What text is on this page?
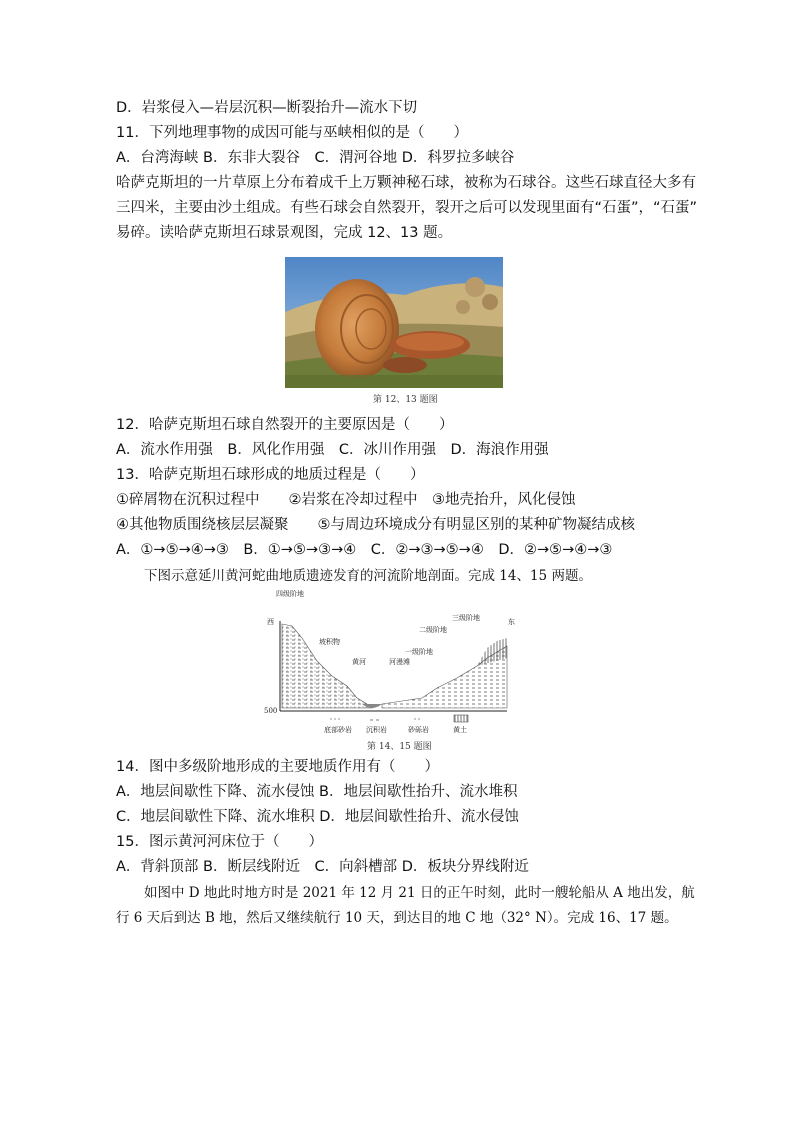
D．岩浆侵入—岩层沉积—断裂抬升—流水下切
11．下列地理事物的成因可能与巫峡相似的是（　　）
A．台湾海峡 B．东非大裂谷　C．渭河谷地 D．科罗拉多峡谷
哈萨克斯坦的一片草原上分布着成千上万颗神秘石球，被称为石球谷。这些石球直径大多有
三四米，主要由沙土组成。有些石球会自然裂开，裂开之后可以发现里面有“石蛋”，“石蛋”
易碎。读哈萨克斯坦石球景观图，完成 12、13 题。
第 12、13 题图
12．哈萨克斯坦石球自然裂开的主要原因是（　　）
A．流水作用强　B．风化作用强　C．冰川作用强　D．海浪作用强
13．哈萨克斯坦石球形成的地质过程是（　　）
①碎屑物在沉积过程中　　②岩浆在冷却过程中　③地壳抬升，风化侵蚀
④其他物质围绕核层层凝聚　　⑤与周边环境成分有明显区别的某种矿物凝结成核
A．①→⑤→④→③　B．①→⑤→③→④　C．②→③→⑤→④　D．②→⑤→④→③
下图示意延川黄河蛇曲地质遗迹发育的河流阶地剖面。完成 14、15 两题。
西	东
500
四级阶地
三级阶地
二级阶地
一级阶地
坡积物
黄河	河漫滩
底部砂岩 沉积岩	砂砾岩	黄土
第 14、15 题图
14．图中多级阶地形成的主要地质作用有（　　）
A．地层间歇性下降、流水侵蚀 B．地层间歇性抬升、流水堆积
C．地层间歇性下降、流水堆积 D．地层间歇性抬升、流水侵蚀
15．图示黄河河床位于（　　）
A．背斜顶部 B．断层线附近　C．向斜槽部 D．板块分界线附近
如图中 D 地此时地方时是 2021 年 12 月 21 日的正午时刻，此时一艘轮船从 A 地出发，航
行 6 天后到达 B 地，然后又继续航行 10 天，到达目的地 C 地（32° N）。完成 16、17 题。
